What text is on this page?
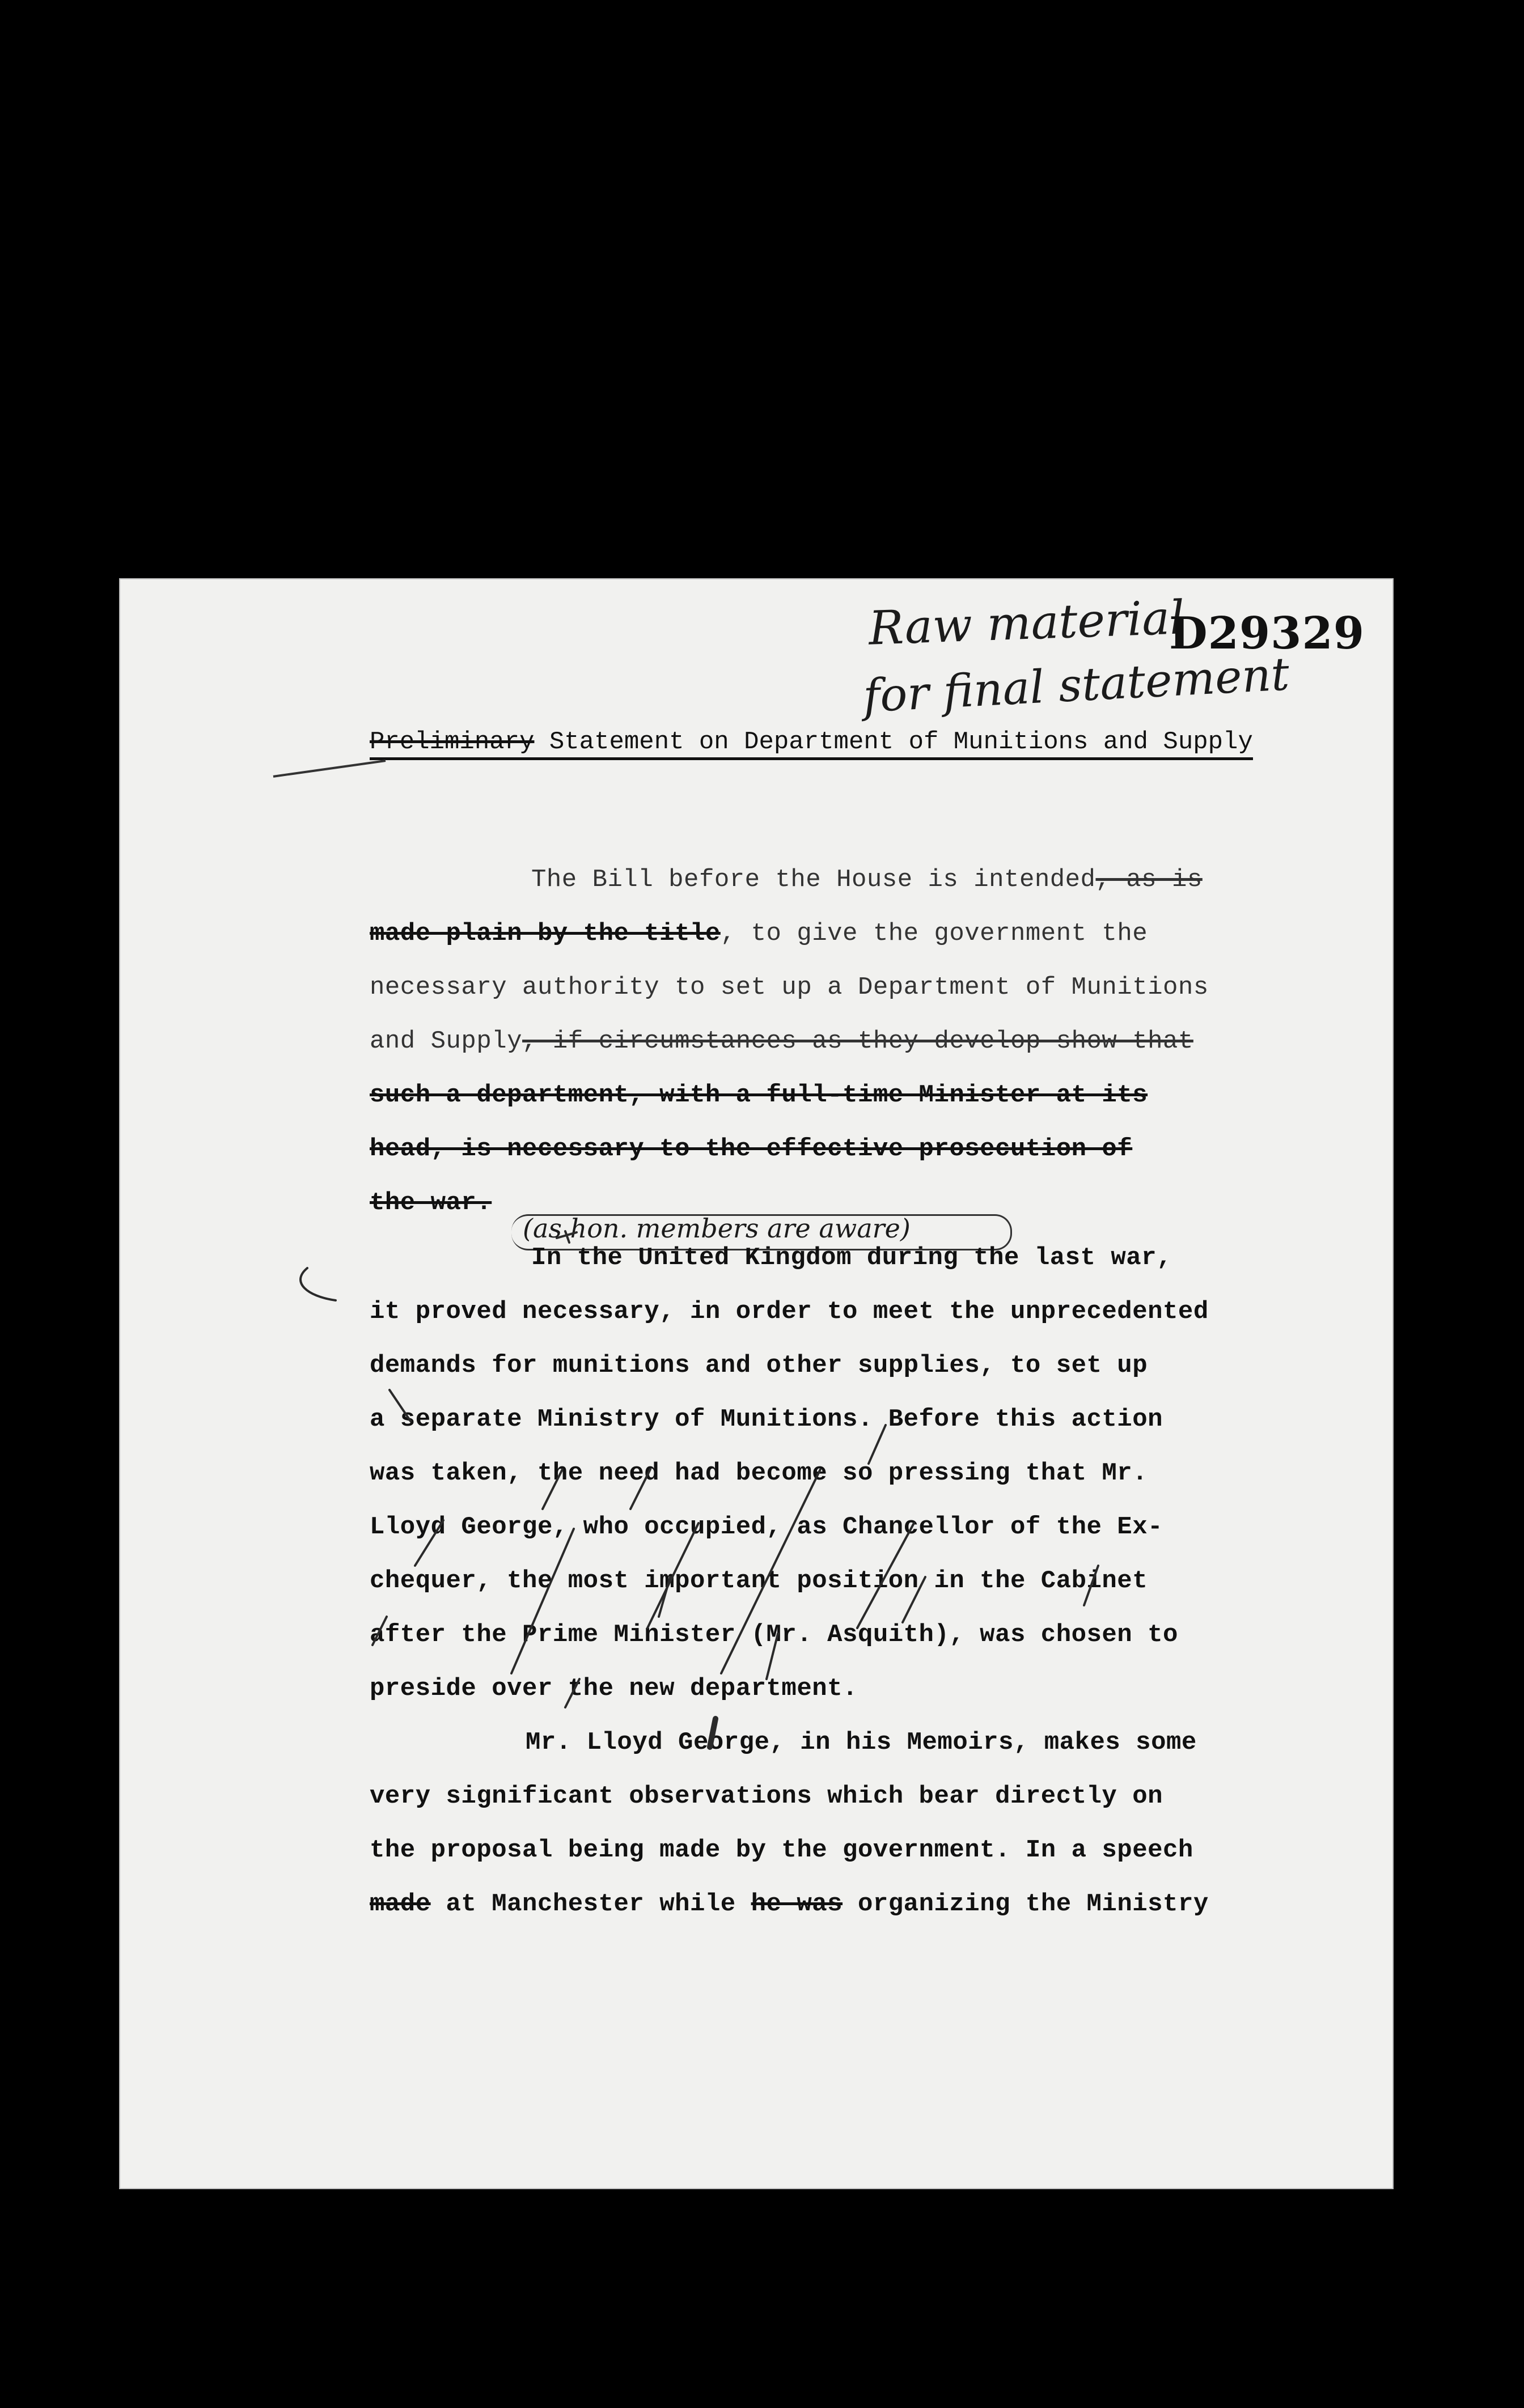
Raw material
D29329
for final statement
Preliminary Statement on Department of Munitions and Supply
The Bill before the House is intended, as is
made plain by the title, to give the government the
necessary authority to set up a Department of Munitions
and Supply, if circumstances as they develop show that
such a department, with a full-time Minister at its
head, is necessary to the effective prosecution of
the war.
(as hon. members are aware)
In the United Kingdom during the last war,
it proved necessary, in order to meet the unprecedented
demands for munitions and other supplies, to set up
a separate Ministry of Munitions. Before this action
was taken, the need had become so pressing that Mr.
Lloyd George, who occupied, as Chancellor of the Ex-
chequer, the most important position in the Cabinet
after the Prime Minister (Mr. Asquith), was chosen to
preside over the new department.
Mr. Lloyd George, in his Memoirs, makes some
very significant observations which bear directly on
the proposal being made by the government. In a speech
made at Manchester while he was organizing the Ministry
